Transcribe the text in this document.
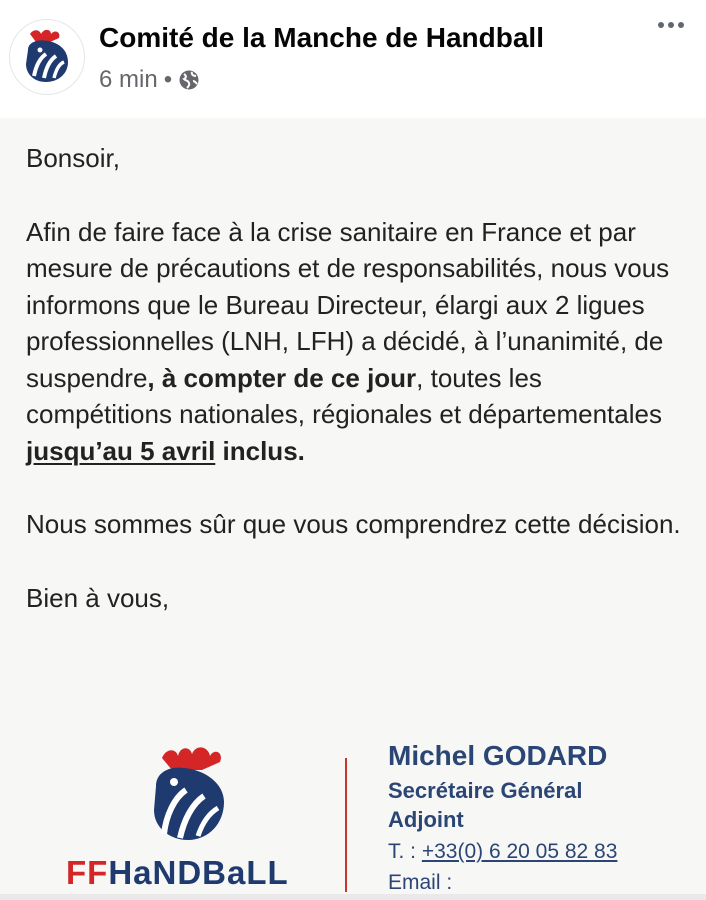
Comité de la Manche de Handball
6 min •

Bonsoir,

Afin de faire face à la crise sanitaire en France et par mesure de précautions et de responsabilités, nous vous informons que le Bureau Directeur, élargi aux 2 ligues professionnelles (LNH, LFH) a décidé, à l’unanimité, de suspendre, à compter de ce jour, toutes les compétitions nationales, régionales et départementales jusqu’au 5 avril inclus.

Nous sommes sûr que vous comprendrez cette décision.

Bien à vous,

FFHaNDBaLL
Michel GODARD
Secrétaire Général Adjoint
T. : +33(0) 6 20 05 82 83
Email :
